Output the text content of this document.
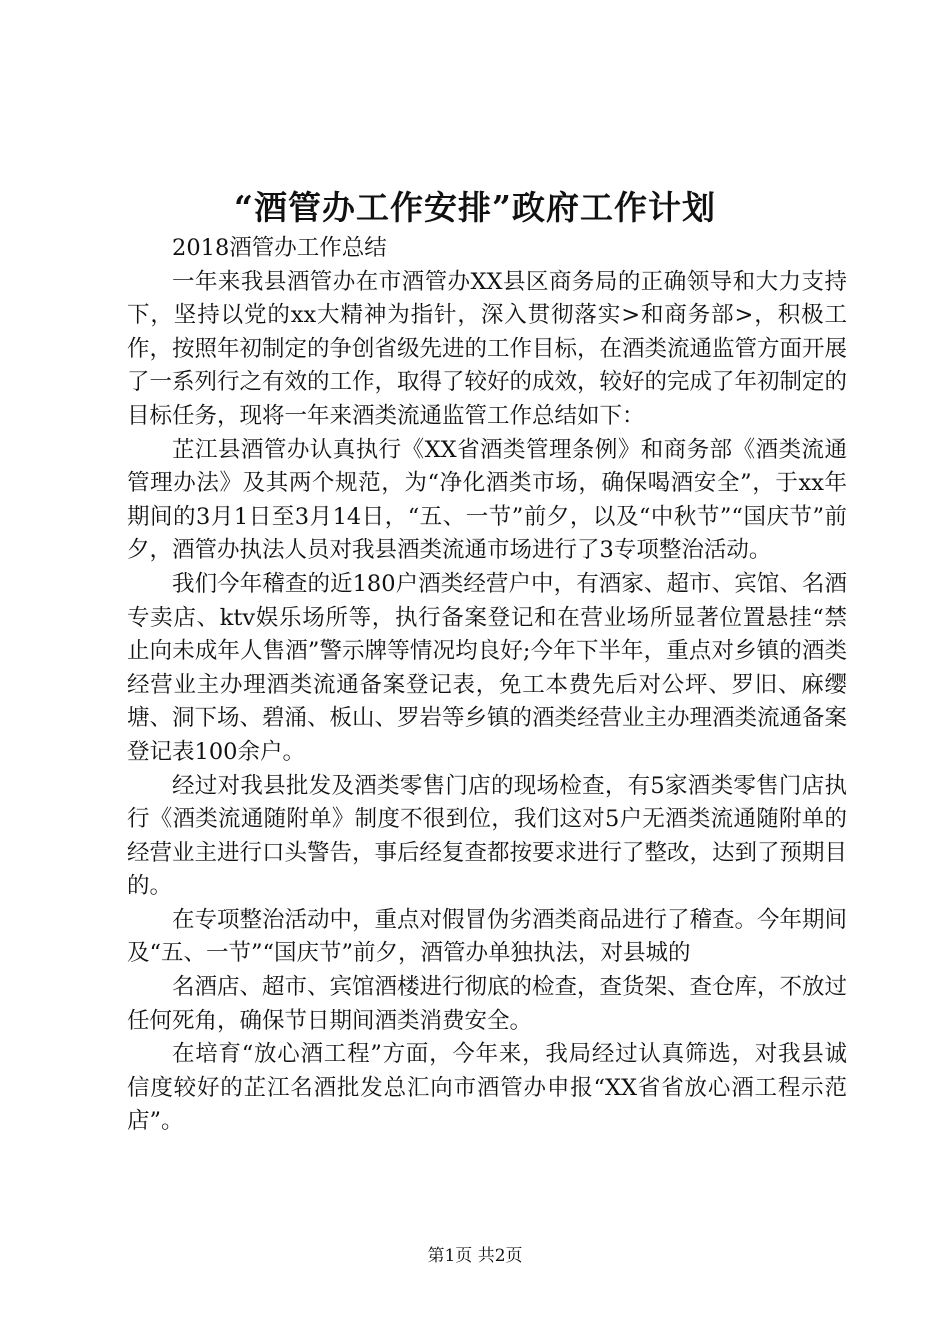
“酒管办工作安排”政府工作计划

2018酒管办工作总结

一年来我县酒管办在市酒管办XX县区商务局的正确领导和大力支持下，坚持以党的xx大精神为指针，深入贯彻落实>和商务部>，积极工作，按照年初制定的争创省级先进的工作目标，在酒类流通监管方面开展了一系列行之有效的工作，取得了较好的成效，较好的完成了年初制定的目标任务，现将一年来酒类流通监管工作总结如下：

芷江县酒管办认真执行《XX省酒类管理条例》和商务部《酒类流通管理办法》及其两个规范，为“净化酒类市场，确保喝酒安全”，于xx年期间的3月1日至3月14日，“五、一节”前夕，以及“中秋节”“国庆节”前夕，酒管办执法人员对我县酒类流通市场进行了3专项整治活动。

我们今年稽查的近180户酒类经营户中，有酒家、超市、宾馆、名酒专卖店、ktv娱乐场所等，执行备案登记和在营业场所显著位置悬挂“禁止向未成年人售酒”警示牌等情况均良好;今年下半年，重点对乡镇的酒类经营业主办理酒类流通备案登记表，免工本费先后对公坪、罗旧、麻缨塘、洞下场、碧涌、板山、罗岩等乡镇的酒类经营业主办理酒类流通备案登记表100余户。

经过对我县批发及酒类零售门店的现场检查，有5家酒类零售门店执行《酒类流通随附单》制度不很到位，我们这对5户无酒类流通随附单的经营业主进行口头警告，事后经复查都按要求进行了整改，达到了预期目的。

在专项整治活动中，重点对假冒伪劣酒类商品进行了稽查。今年期间及“五、一节”“国庆节”前夕，酒管办单独执法，对县城的

名酒店、超市、宾馆酒楼进行彻底的检查，查货架、查仓库，不放过任何死角，确保节日期间酒类消费安全。

在培育“放心酒工程”方面，今年来，我局经过认真筛选，对我县诚信度较好的芷江名酒批发总汇向市酒管办申报“XX省省放心酒工程示范店”。

第1页 共2页
